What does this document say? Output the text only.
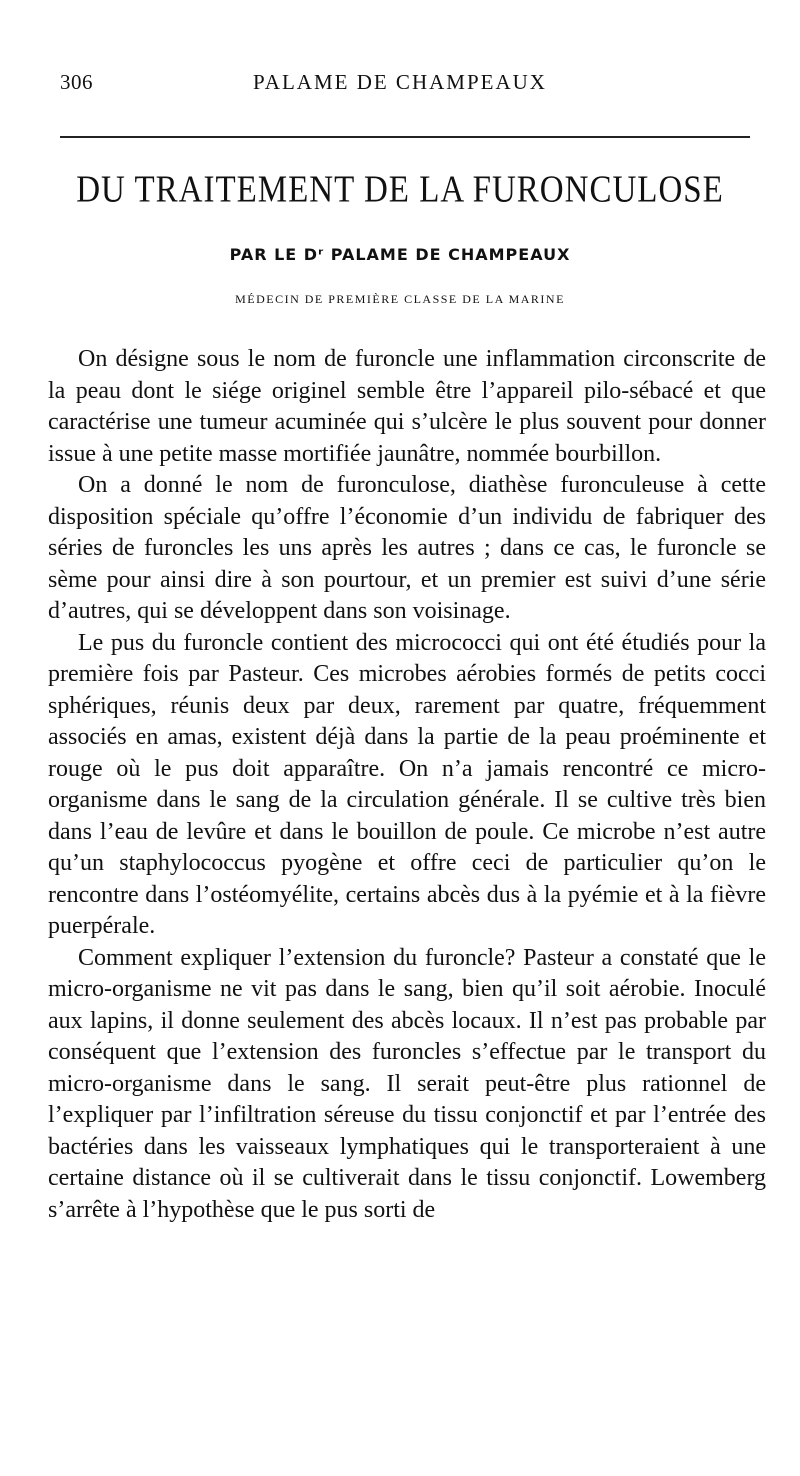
306	PALAME DE CHAMPEAUX
DU TRAITEMENT DE LA FURONCULOSE
PAR LE Dʳ PALAME DE CHAMPEAUX
MÉDECIN DE PREMIÈRE CLASSE DE LA MARINE

On désigne sous le nom de furoncle une inflammation circonscrite de la peau dont le siége originel semble être l’appareil pilo-sébacé et que caractérise une tumeur acuminée qui s’ulcère le plus souvent pour donner issue à une petite masse mortifiée jaunâtre, nommée bourbillon.

On a donné le nom de furonculose, diathèse furonculeuse à cette disposition spéciale qu’offre l’économie d’un individu de fabriquer des séries de furoncles les uns après les autres ; dans ce cas, le furoncle se sème pour ainsi dire à son pourtour, et un premier est suivi d’une série d’autres, qui se développent dans son voisinage.

Le pus du furoncle contient des micrococci qui ont été étudiés pour la première fois par Pasteur. Ces microbes aérobies formés de petits cocci sphériques, réunis deux par deux, rarement par quatre, fréquemment associés en amas, existent déjà dans la partie de la peau proéminente et rouge où le pus doit apparaître. On n’a jamais rencontré ce micro-organisme dans le sang de la circulation générale. Il se cultive très bien dans l’eau de levûre et dans le bouillon de poule. Ce microbe n’est autre qu’un staphylococcus pyogène et offre ceci de particulier qu’on le rencontre dans l’ostéomyélite, certains abcès dus à la pyémie et à la fièvre puerpérale.

Comment expliquer l’extension du furoncle? Pasteur a constaté que le micro-organisme ne vit pas dans le sang, bien qu’il soit aérobie. Inoculé aux lapins, il donne seulement des abcès locaux. Il n’est pas probable par conséquent que l’extension des furoncles s’effectue par le transport du micro-organisme dans le sang. Il serait peut-être plus rationnel de l’expliquer par l’infiltration séreuse du tissu conjonctif et par l’entrée des bactéries dans les vaisseaux lymphatiques qui le transporteraient à une certaine distance où il se cultiverait dans le tissu conjonctif. Lowemberg s’arrête à l’hypothèse que le pus sorti de
